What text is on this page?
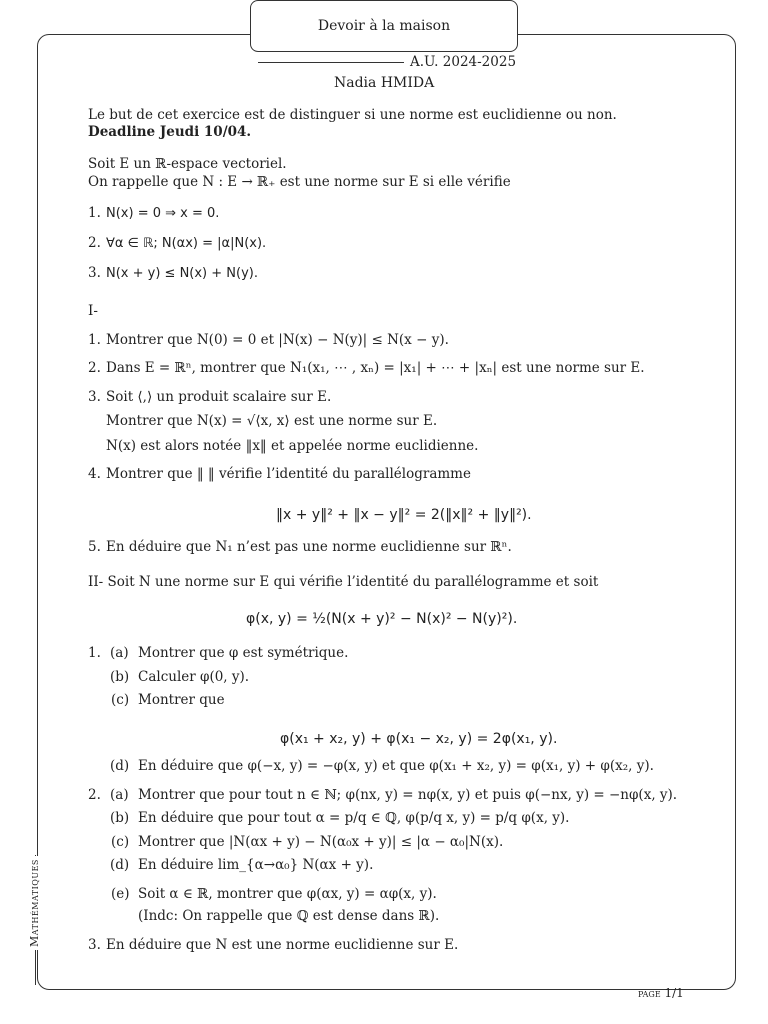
Devoir à la maison
A.U. 2024-2025
Nadia HMIDA
Le but de cet exercice est de distinguer si une norme est euclidienne ou non.
Deadline Jeudi 10/04.
Soit E un ℝ-espace vectoriel.
On rappelle que N : E → ℝ₊ est une norme sur E si elle vérifie
1. N(x) = 0 ⇒ x = 0.
2. ∀α ∈ ℝ; N(αx) = |α|N(x).
3. N(x + y) ≤ N(x) + N(y).
I-
1. Montrer que N(0) = 0 et |N(x) − N(y)| ≤ N(x − y).
2. Dans E = ℝⁿ, montrer que N₁(x₁, ⋯ , xₙ) = |x₁| + ⋯ + |xₙ| est une norme sur E.
3. Soit ⟨,⟩ un produit scalaire sur E.
Montrer que N(x) = √⟨x, x⟩ est une norme sur E.
N(x) est alors notée ‖x‖ et appelée norme euclidienne.
4. Montrer que ‖ ‖ vérifie l’identité du parallélogramme
‖x + y‖² + ‖x − y‖² = 2(‖x‖² + ‖y‖²).
5. En déduire que N₁ n’est pas une norme euclidienne sur ℝⁿ.
II- Soit N une norme sur E qui vérifie l’identité du parallélogramme et soit
φ(x, y) = ½(N(x + y)² − N(x)² − N(y)²).
1. (a) Montrer que φ est symétrique.
(b) Calculer φ(0, y).
(c) Montrer que
φ(x₁ + x₂, y) + φ(x₁ − x₂, y) = 2φ(x₁, y).
(d) En déduire que φ(−x, y) = −φ(x, y) et que φ(x₁ + x₂, y) = φ(x₁, y) + φ(x₂, y).
2. (a) Montrer que pour tout n ∈ ℕ; φ(nx, y) = nφ(x, y) et puis φ(−nx, y) = −nφ(x, y).
(b) En déduire que pour tout α = p/q ∈ ℚ, φ(p/q x, y) = p/q φ(x, y).
(c) Montrer que |N(αx + y) − N(α₀x + y)| ≤ |α − α₀|N(x).
(d) En déduire lim_{α→α₀} N(αx + y).
(e) Soit α ∈ ℝ, montrer que φ(αx, y) = αφ(x, y).
(Indc: On rappelle que ℚ est dense dans ℝ).
3. En déduire que N est une norme euclidienne sur E.
Mathématiques
page 1/1
